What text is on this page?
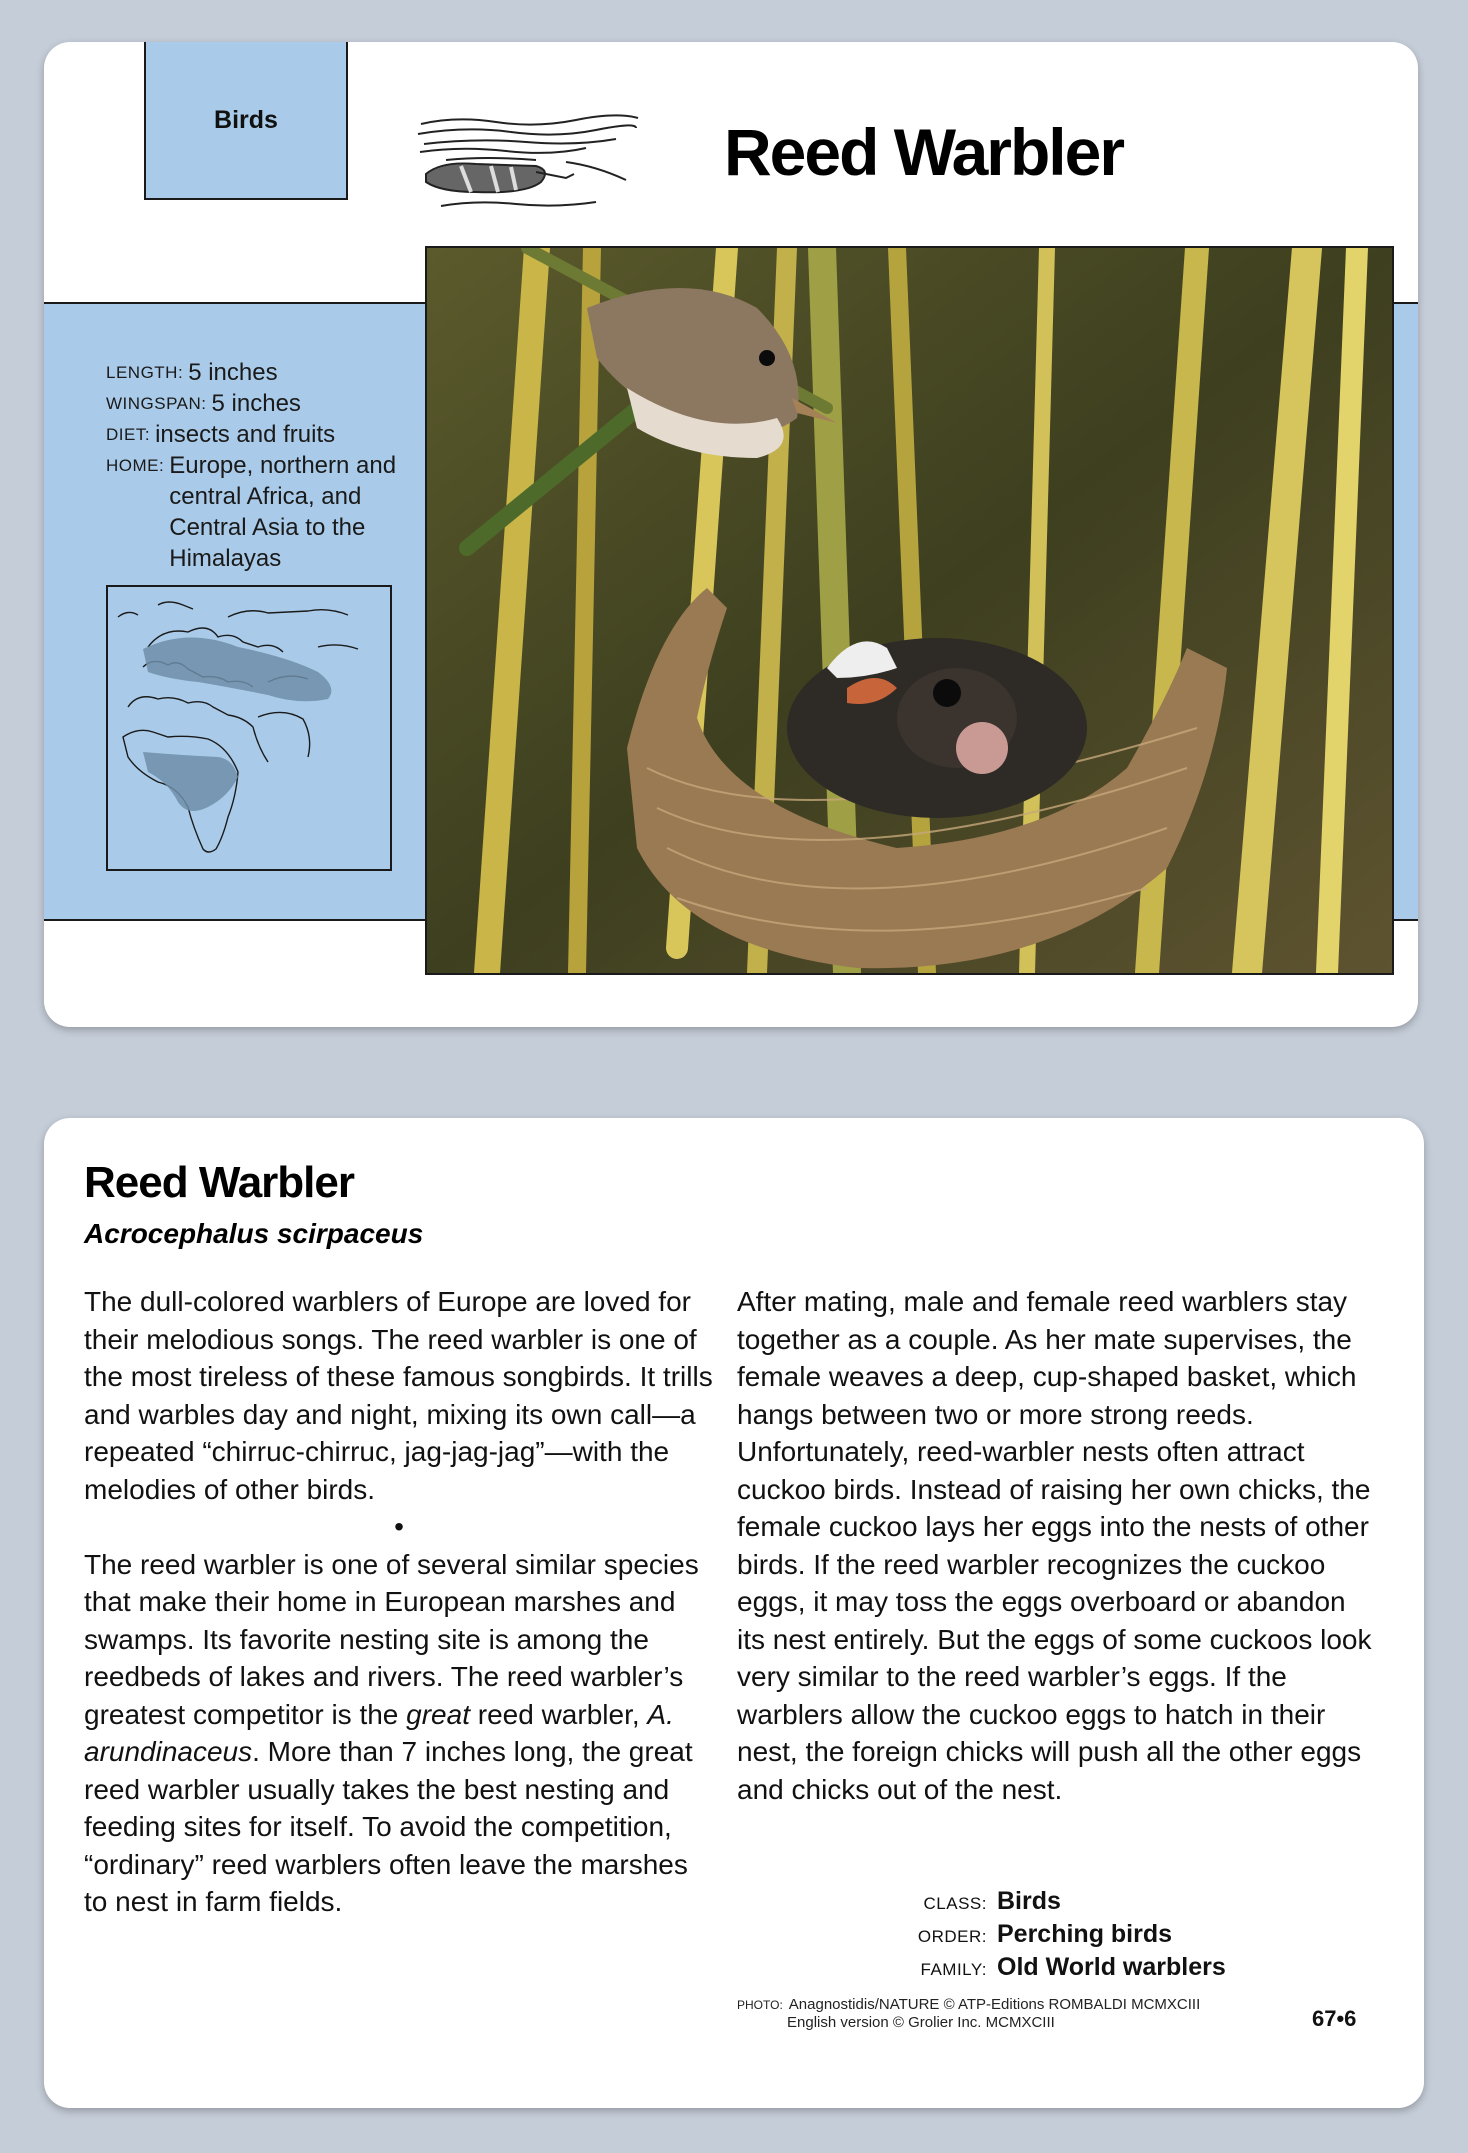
Birds	Reed Warbler
LENGTH: 5 inches
WINGSPAN: 5 inches
DIET: insects and fruits
HOME: Europe, northern and central Africa, and Central Asia to the Himalayas
Reed Warbler
Acrocephalus scirpaceus

The dull-colored warblers of Europe are loved for their melodious songs. The reed warbler is one of the most tireless of these famous songbirds. It trills and warbles day and night, mixing its own call—a repeated “chirruc-chirruc, jag-jag-jag”—with the melodies of other birds.

•

The reed warbler is one of several similar species that make their home in European marshes and swamps. Its favorite nesting site is among the reedbeds of lakes and rivers. The reed warbler’s greatest competitor is the great reed warbler, A. arundinaceus. More than 7 inches long, the great reed warbler usually takes the best nesting and feeding sites for itself. To avoid the competition, “ordinary” reed warblers often leave the marshes to nest in farm fields.

After mating, male and female reed warblers stay together as a couple. As her mate supervises, the female weaves a deep, cup-shaped basket, which hangs between two or more strong reeds. Unfortunately, reed-warbler nests often attract cuckoo birds. Instead of raising her own chicks, the female cuckoo lays her eggs into the nests of other birds. If the reed warbler recognizes the cuckoo eggs, it may toss the eggs overboard or abandon its nest entirely. But the eggs of some cuckoos look very similar to the reed warbler’s eggs. If the warblers allow the cuckoo eggs to hatch in their nest, the foreign chicks will push all the other eggs and chicks out of the nest.

CLASS: Birds
ORDER: Perching birds
FAMILY: Old World warblers
PHOTO: Anagnostidis/NATURE © ATP-Editions ROMBALDI MCMXCIII
English version © Grolier Inc. MCMXCIII	67•6
